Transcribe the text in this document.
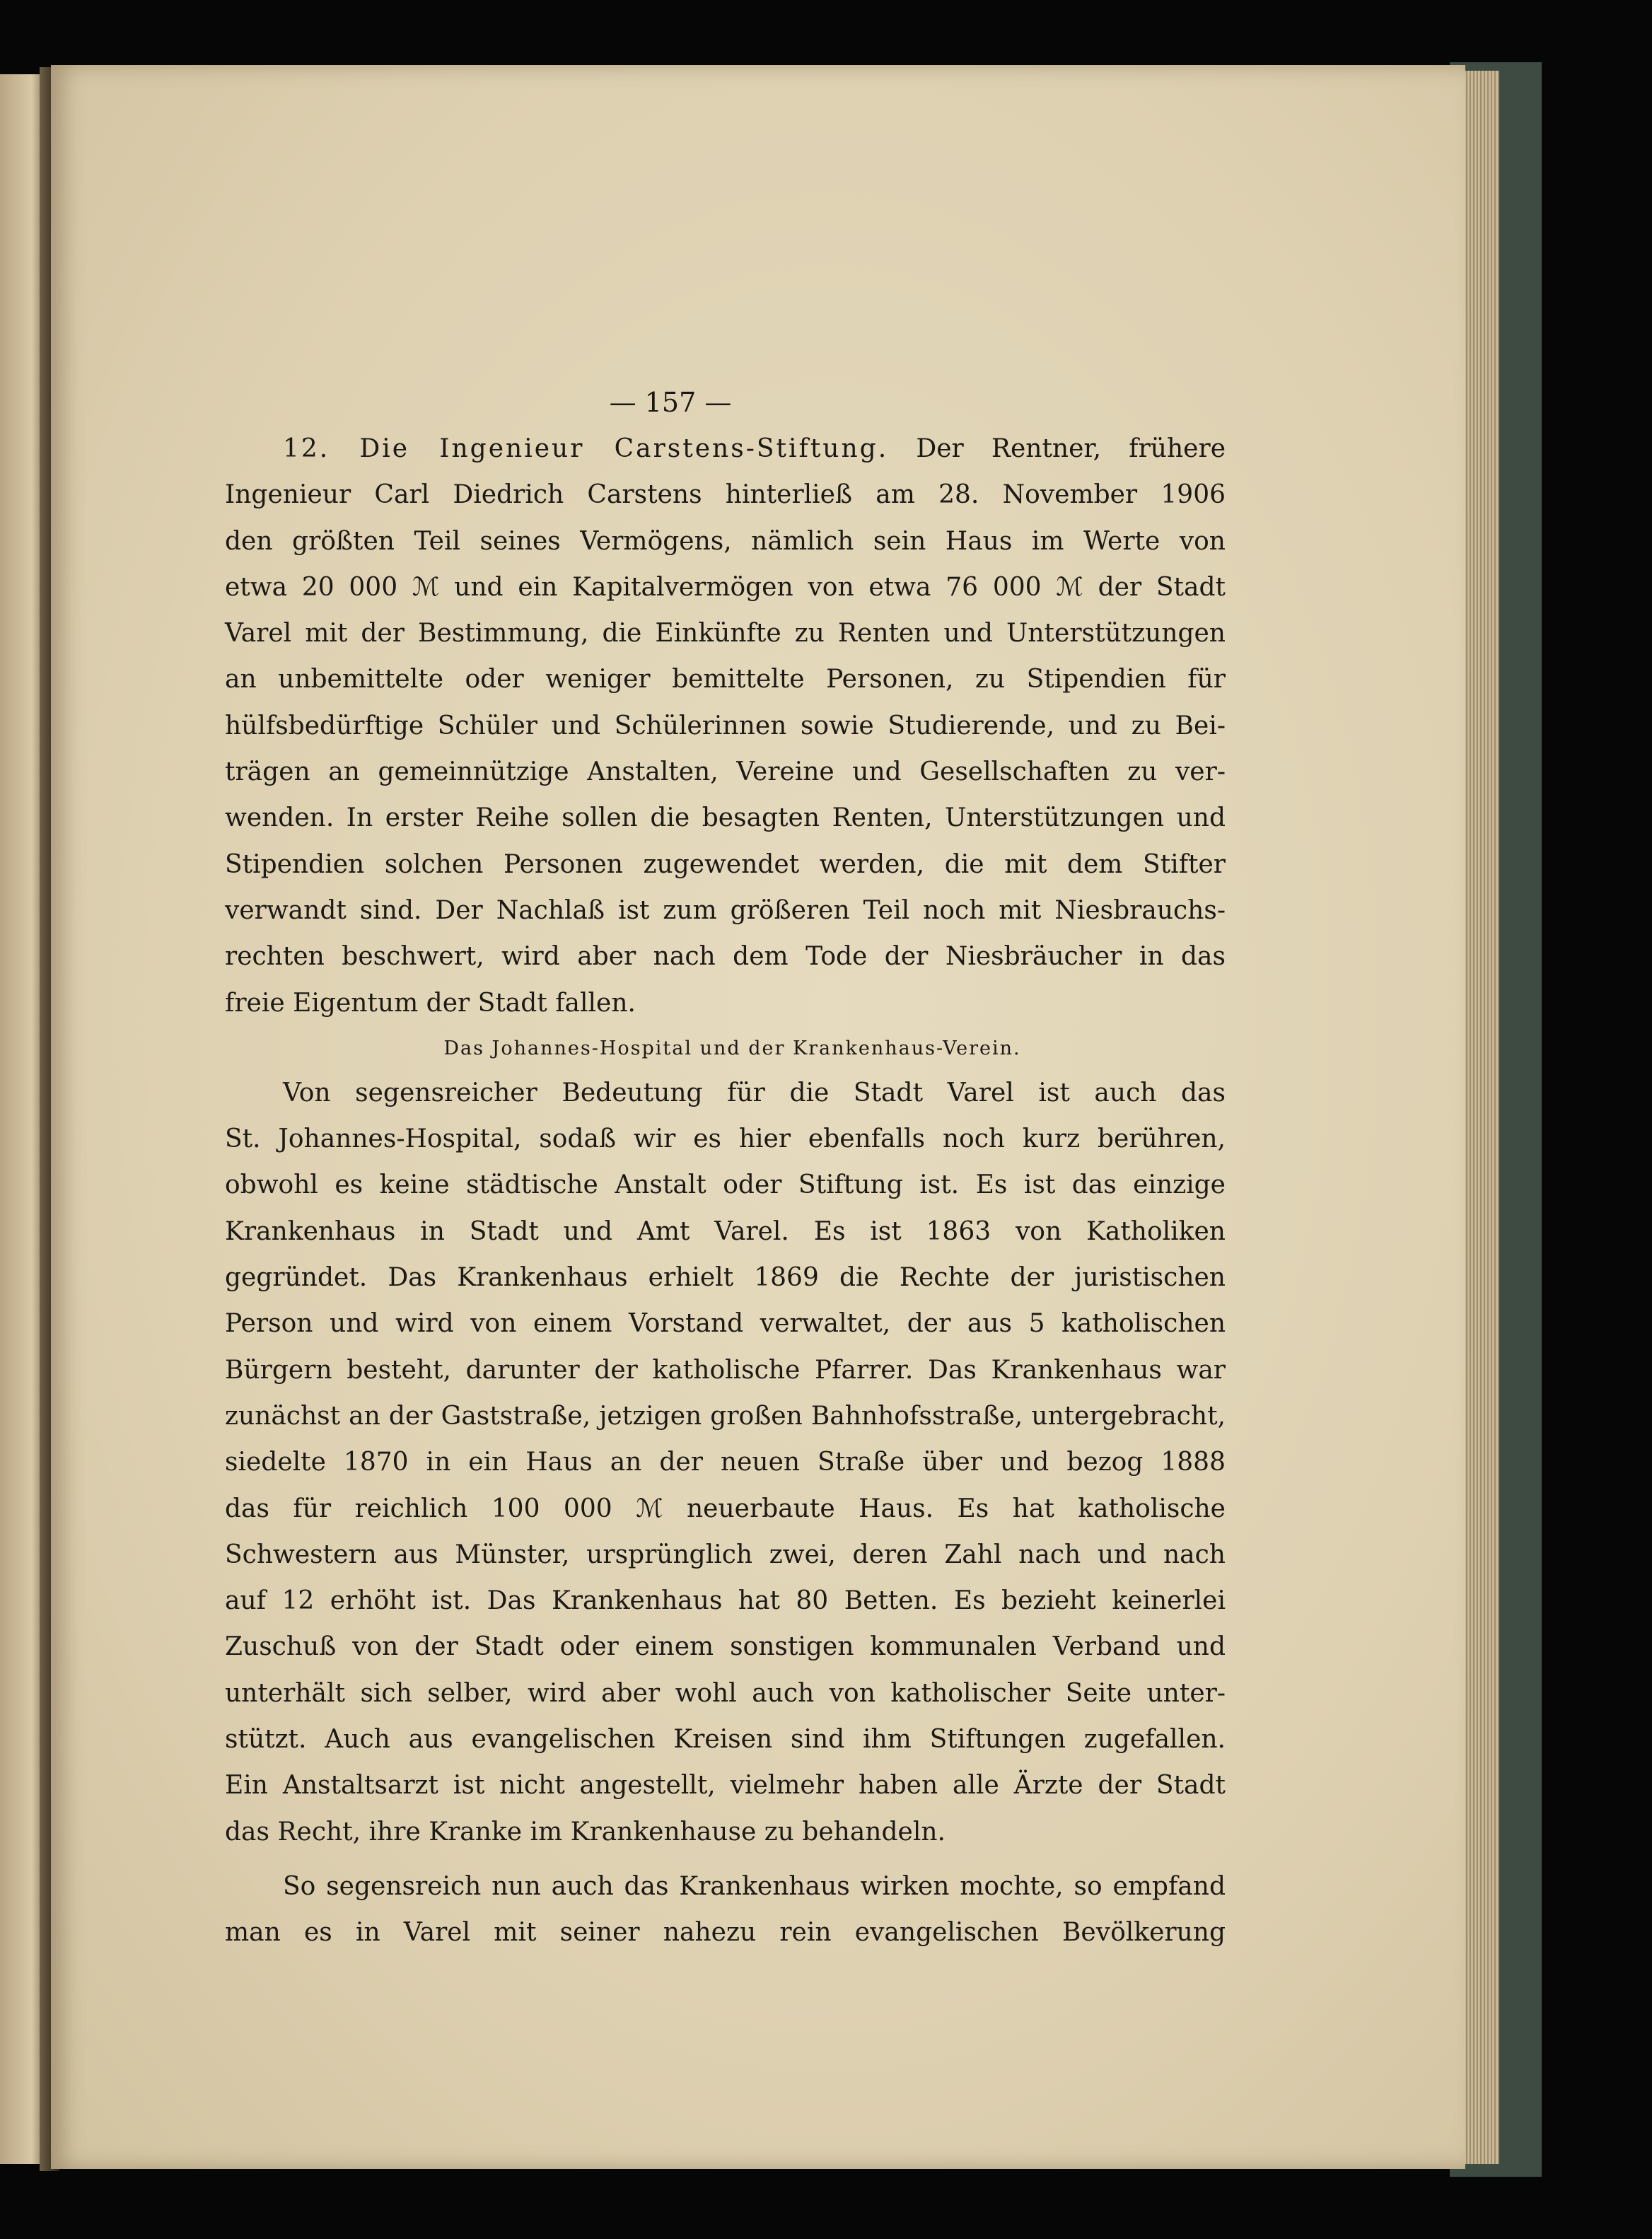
— 157 —
12. Die Ingenieur Carstens-Stiftung. Der Rentner, frühere
Ingenieur Carl Diedrich Carstens hinterließ am 28. November 1906
den größten Teil seines Vermögens, nämlich sein Haus im Werte von
etwa 20 000 ℳ und ein Kapitalvermögen von etwa 76 000 ℳ der Stadt
Varel mit der Bestimmung, die Einkünfte zu Renten und Unterstützungen
an unbemittelte oder weniger bemittelte Personen, zu Stipendien für
hülfsbedürftige Schüler und Schülerinnen sowie Studierende, und zu Bei-
trägen an gemeinnützige Anstalten, Vereine und Gesellschaften zu ver-
wenden. In erster Reihe sollen die besagten Renten, Unterstützungen und
Stipendien solchen Personen zugewendet werden, die mit dem Stifter
verwandt sind. Der Nachlaß ist zum größeren Teil noch mit Niesbrauchs-
rechten beschwert, wird aber nach dem Tode der Niesbräucher in das
freie Eigentum der Stadt fallen.
Das Johannes-Hospital und der Krankenhaus-Verein.
Von segensreicher Bedeutung für die Stadt Varel ist auch das
St. Johannes-Hospital, sodaß wir es hier ebenfalls noch kurz berühren,
obwohl es keine städtische Anstalt oder Stiftung ist. Es ist das einzige
Krankenhaus in Stadt und Amt Varel. Es ist 1863 von Katholiken
gegründet. Das Krankenhaus erhielt 1869 die Rechte der juristischen
Person und wird von einem Vorstand verwaltet, der aus 5 katholischen
Bürgern besteht, darunter der katholische Pfarrer. Das Krankenhaus war
zunächst an der Gaststraße, jetzigen großen Bahnhofsstraße, untergebracht,
siedelte 1870 in ein Haus an der neuen Straße über und bezog 1888
das für reichlich 100 000 ℳ neuerbaute Haus. Es hat katholische
Schwestern aus Münster, ursprünglich zwei, deren Zahl nach und nach
auf 12 erhöht ist. Das Krankenhaus hat 80 Betten. Es bezieht keinerlei
Zuschuß von der Stadt oder einem sonstigen kommunalen Verband und
unterhält sich selber, wird aber wohl auch von katholischer Seite unter-
stützt. Auch aus evangelischen Kreisen sind ihm Stiftungen zugefallen.
Ein Anstaltsarzt ist nicht angestellt, vielmehr haben alle Ärzte der Stadt
das Recht, ihre Kranke im Krankenhause zu behandeln.
So segensreich nun auch das Krankenhaus wirken mochte, so empfand
man es in Varel mit seiner nahezu rein evangelischen Bevölkerung
